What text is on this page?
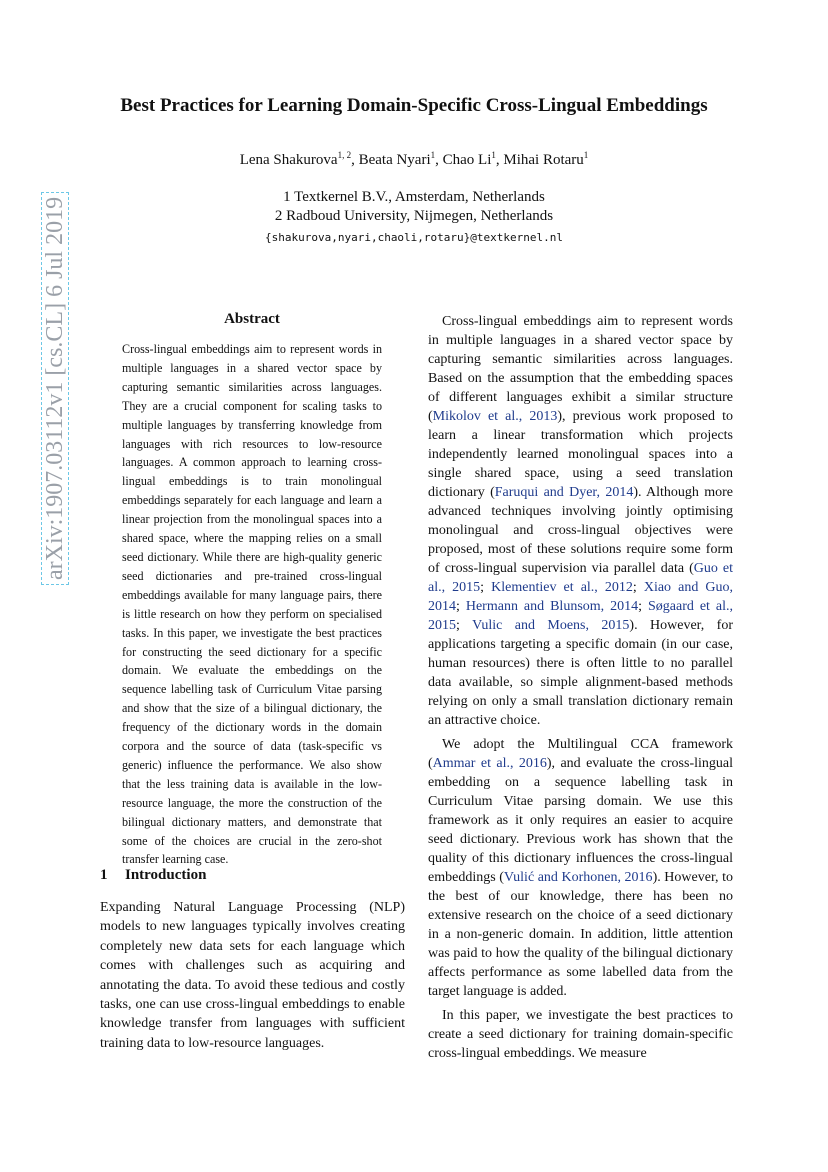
arXiv:1907.03112v1 [cs.CL] 6 Jul 2019
Best Practices for Learning Domain-Specific Cross-Lingual Embeddings
Lena Shakurova$^{1, 2}$, Beata Nyari$^1$, Chao Li$^1$, Mihai Rotaru$^1$
1 Textkernel B.V., Amsterdam, Netherlands
2 Radboud University, Nijmegen, Netherlands
{shakurova,nyari,chaoli,rotaru}@textkernel.nl
Abstract
Cross-lingual embeddings aim to represent words in multiple languages in a shared vector space by capturing semantic similarities across languages. They are a crucial component for scaling tasks to multiple languages by transferring knowledge from languages with rich resources to low-resource languages. A common approach to learning cross-lingual embeddings is to train monolingual embeddings separately for each language and learn a linear projection from the monolingual spaces into a shared space, where the mapping relies on a small seed dictionary. While there are high-quality generic seed dictionaries and pre-trained cross-lingual embeddings available for many language pairs, there is little research on how they perform on specialised tasks. In this paper, we investigate the best practices for constructing the seed dictionary for a specific domain. We evaluate the embeddings on the sequence labelling task of Curriculum Vitae parsing and show that the size of a bilingual dictionary, the frequency of the dictionary words in the domain corpora and the source of data (task-specific vs generic) influence the performance. We also show that the less training data is available in the low-resource language, the more the construction of the bilingual dictionary matters, and demonstrate that some of the choices are crucial in the zero-shot transfer learning case.
1 Introduction

Expanding Natural Language Processing (NLP) models to new languages typically involves creating completely new data sets for each language which comes with challenges such as acquiring and annotating the data. To avoid these tedious and costly tasks, one can use cross-lingual embeddings to enable knowledge transfer from languages with sufficient training data to low-resource languages.

Cross-lingual embeddings aim to represent words in multiple languages in a shared vector space by capturing semantic similarities across languages. Based on the assumption that the embedding spaces of different languages exhibit a similar structure (Mikolov et al., 2013), previous work proposed to learn a linear transformation which projects independently learned monolingual spaces into a single shared space, using a seed translation dictionary (Faruqui and Dyer, 2014). Although more advanced techniques involving jointly optimising monolingual and cross-lingual objectives were proposed, most of these solutions require some form of cross-lingual supervision via parallel data (Guo et al., 2015; Klementiev et al., 2012; Xiao and Guo, 2014; Hermann and Blunsom, 2014; Søgaard et al., 2015; Vulic and Moens, 2015). However, for applications targeting a specific domain (in our case, human resources) there is often little to no parallel data available, so simple alignment-based methods relying on only a small translation dictionary remain an attractive choice.

We adopt the Multilingual CCA framework (Ammar et al., 2016), and evaluate the cross-lingual embedding on a sequence labelling task in Curriculum Vitae parsing domain. We use this framework as it only requires an easier to acquire seed dictionary. Previous work has shown that the quality of this dictionary influences the cross-lingual embeddings (Vulić and Korhonen, 2016). However, to the best of our knowledge, there has been no extensive research on the choice of a seed dictionary in a non-generic domain. In addition, little attention was paid to how the quality of the bilingual dictionary affects performance as some labelled data from the target language is added.

In this paper, we investigate the best practices to create a seed dictionary for training domain-specific cross-lingual embeddings. We measure
